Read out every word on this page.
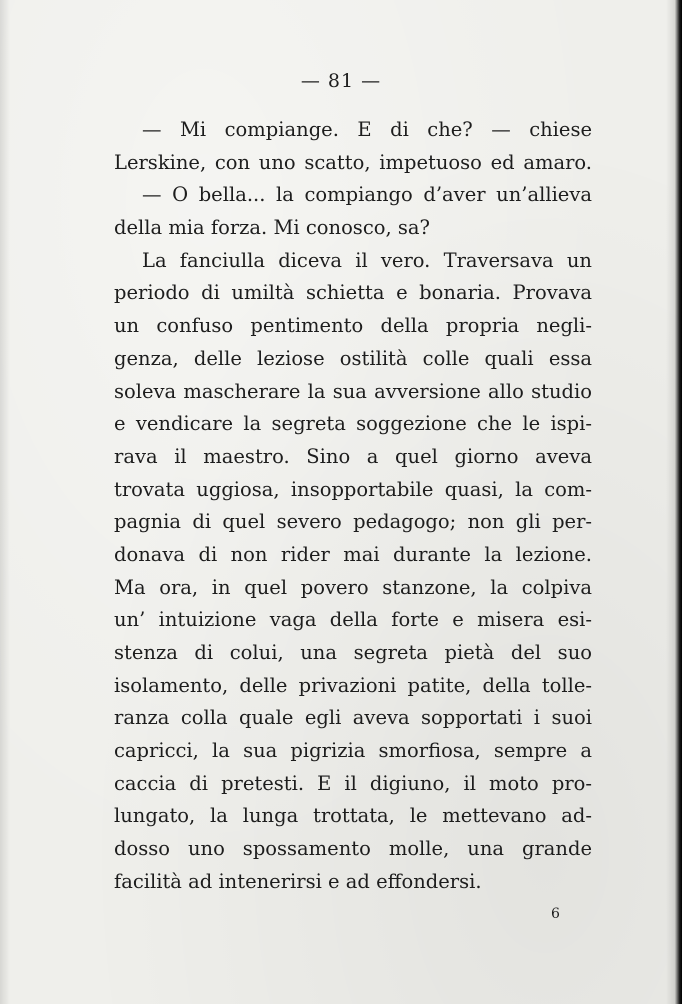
— 81 —
— Mi compiange. E di che? — chiese
Lerskine, con uno scatto, impetuoso ed amaro.
— O bella... la compiango d’aver un’allieva
della mia forza. Mi conosco, sa?
La fanciulla diceva il vero. Traversava un
periodo di umiltà schietta e bonaria. Provava
un confuso pentimento della propria negli-
genza, delle leziose ostilità colle quali essa
soleva mascherare la sua avversione allo studio
e vendicare la segreta soggezione che le ispi-
rava il maestro. Sino a quel giorno aveva
trovata uggiosa, insopportabile quasi, la com-
pagnia di quel severo pedagogo; non gli per-
donava di non rider mai durante la lezione.
Ma ora, in quel povero stanzone, la colpiva
un’ intuizione vaga della forte e misera esi-
stenza di colui, una segreta pietà del suo
isolamento, delle privazioni patite, della tolle-
ranza colla quale egli aveva sopportati i suoi
capricci, la sua pigrizia smorfiosa, sempre a
caccia di pretesti. E il digiuno, il moto pro-
lungato, la lunga trottata, le mettevano ad-
dosso uno spossamento molle, una grande
facilità ad intenerirsi e ad effondersi.
6
